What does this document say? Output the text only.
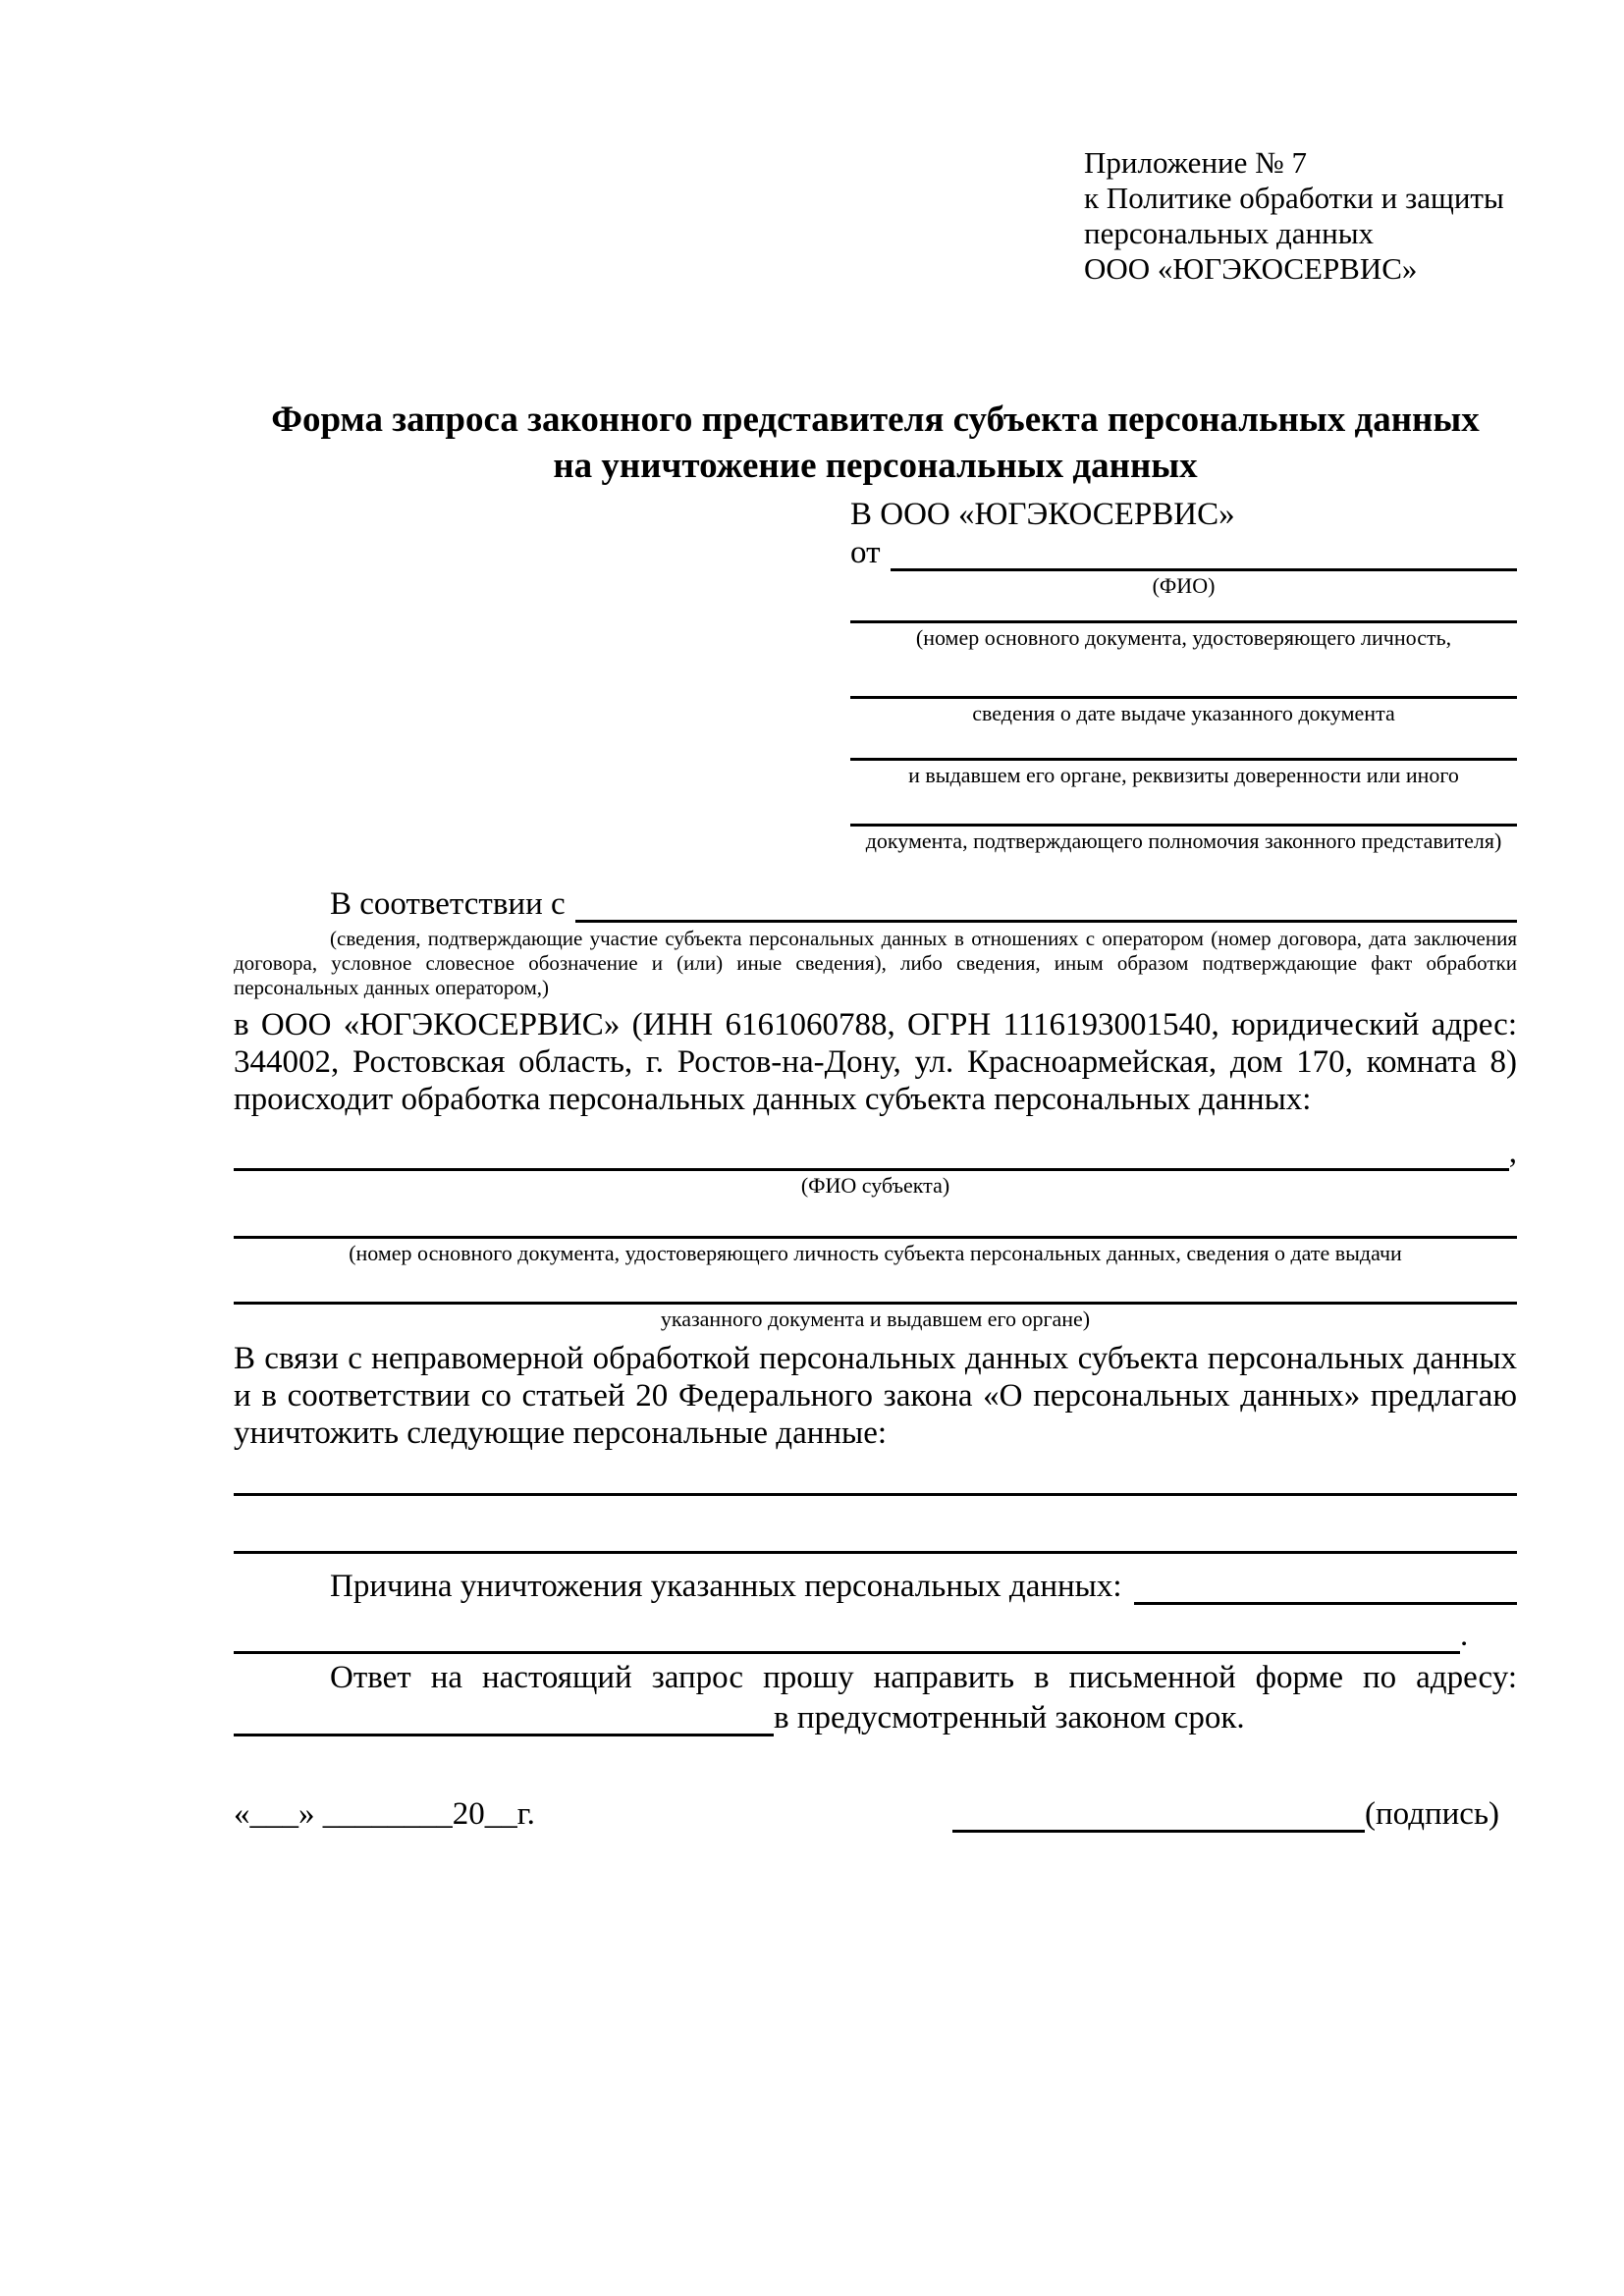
Приложение № 7
к Политике обработки и защиты
персональных данных
ООО «ЮГЭКОСЕРВИС»
Форма запроса законного представителя субъекта персональных данных
на уничтожение персональных данных
В ООО «ЮГЭКОСЕРВИС»
от
(ФИО)
(номер основного документа, удостоверяющего личность,
сведения о дате выдаче указанного документа
и выдавшем его органе, реквизиты доверенности или иного
документа, подтверждающего полномочия законного представителя)
В соответствии с

(сведения, подтверждающие участие субъекта персональных данных в отношениях с оператором (номер договора, дата заключения договора, условное словесное обозначение и (или) иные сведения), либо сведения, иным образом подтверждающие факт обработки персональных данных оператором,)

в ООО «ЮГЭКОСЕРВИС» (ИНН 6161060788, ОГРН 1116193001540, юридический адрес: 344002, Ростовская область, г. Ростов-на-Дону, ул. Красноармейская, дом 170, комната 8) происходит обработка персональных данных субъекта персональных данных:

,
(ФИО субъекта)
(номер основного документа, удостоверяющего личность субъекта персональных данных, сведения о дате выдачи
указанного документа и выдавшем его органе)

В связи с неправомерной обработкой персональных данных субъекта персональных данных и в соответствии со статьей 20 Федерального закона «О персональных данных» предлагаю уничтожить следующие персональные данные:

Причина уничтожения указанных персональных данных:
.

Ответ на настоящий запрос прошу направить в письменной форме по адресу:

в предусмотренный законом срок.
«___» ________20__г.	(подпись)
